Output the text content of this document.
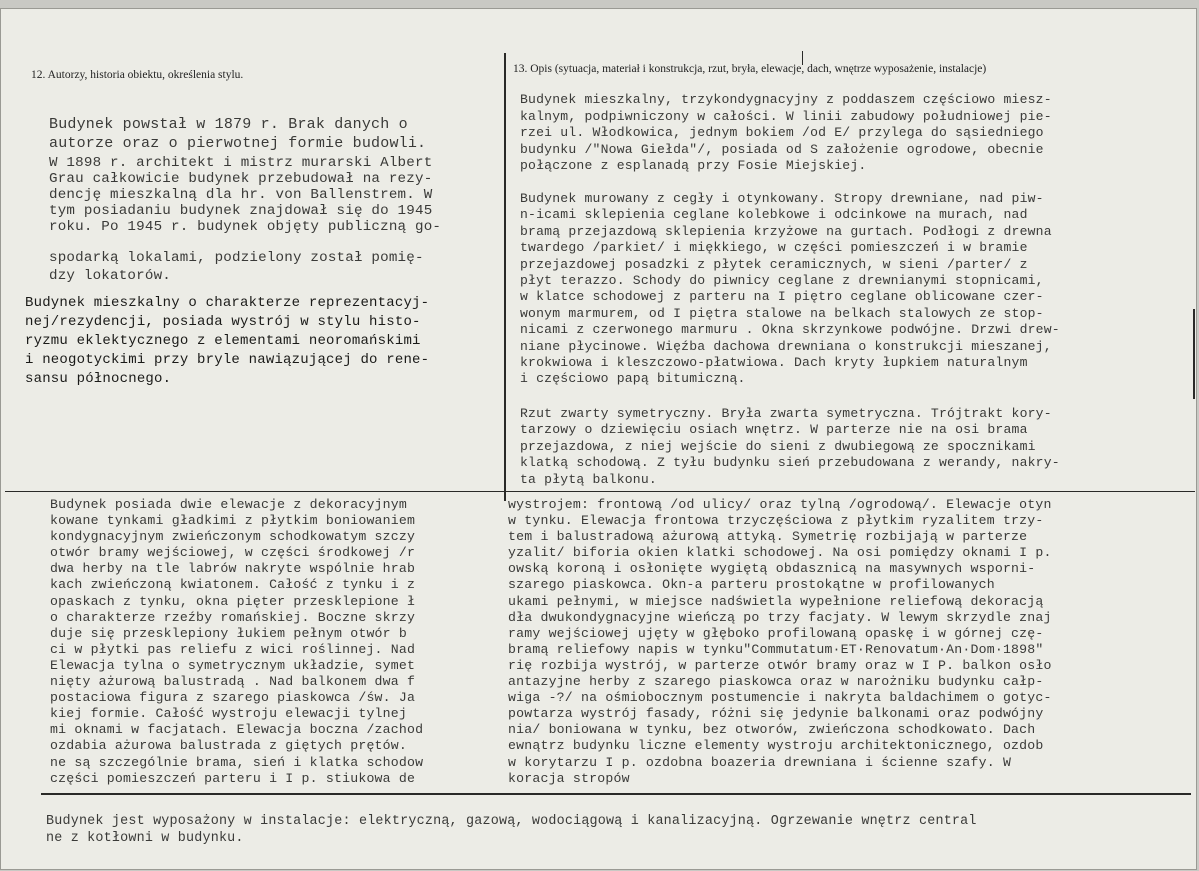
12. Autorzy, historia obiektu, określenia stylu.	13. Opis (sytuacja, materiał i konstrukcja, rzut, bryła, elewacje, dach, wnętrze wyposażenie, instalacje)
Budynek powstał w 1879 r. Brak danych o
autorze oraz o pierwotnej formie budowli.
W 1898 r. architekt i mistrz murarski Albert
Grau całkowicie budynek przebudował na rezy-
dencję mieszkalną dla hr. von Ballenstrem. W
tym posiadaniu budynek znajdował się do 1945
roku. Po 1945 r. budynek objęty publiczną go-
spodarką lokalami, podzielony został pomię-
dzy lokatorów.
Budynek mieszkalny o charakterze reprezentacyj-
nej/rezydencji, posiada wystrój w stylu histo-
ryzmu eklektycznego z elementami neoromańskimi
i neogotyckimi przy bryle nawiązującej do rene-
sansu północnego.
Budynek mieszkalny, trzykondygnacyjny z poddaszem częściowo miesz-
kalnym, podpiwniczony w całości. W linii zabudowy południowej pie-
rzei ul. Włodkowica, jednym bokiem /od E/ przylega do sąsiedniego
budynku /"Nowa Giełda"/, posiada od S założenie ogrodowe, obecnie
połączone z esplanadą przy Fosie Miejskiej.
Budynek murowany z cegły i otynkowany. Stropy drewniane, nad piw-
n-icami sklepienia ceglane kolebkowe i odcinkowe na murach, nad
bramą przejazdową sklepienia krzyżowe na gurtach. Podłogi z drewna
twardego /parkiet/ i miękkiego, w części pomieszczeń i w bramie
przejazdowej posadzki z płytek ceramicznych, w sieni /parter/ z
płyt terazzo. Schody do piwnicy ceglane z drewnianymi stopnicami,
w klatce schodowej z parteru na I piętro ceglane oblicowane czer-
wonym marmurem, od I piętra stalowe na belkach stalowych ze stop-
nicami z czerwonego marmuru . Okna skrzynkowe podwójne. Drzwi drew-
niane płycinowe. Więźba dachowa drewniana o konstrukcji mieszanej,
krokwiowa i kleszczowo-płatwiowa. Dach kryty łupkiem naturalnym
i częściowo papą bitumiczną.
Rzut zwarty symetryczny. Bryła zwarta symetryczna. Trójtrakt kory-
tarzowy o dziewięciu osiach wnętrz. W parterze nie na osi brama
przejazdowa, z niej wejście do sieni z dwubiegową ze spocznikami
klatką schodową. Z tyłu budynku sień przebudowana z werandy, nakry-
ta płytą balkonu.
Budynek posiada dwie elewacje z dekoracyjnym
kowane tynkami gładkimi z płytkim boniowaniem
kondygnacyjnym zwieńczonym schodkowatym szczy
otwór bramy wejściowej, w części środkowej /r
dwa herby na tle labrów nakryte wspólnie hrab
kach zwieńczoną kwiatonem. Całość z tynku i z
opaskach z tynku, okna pięter przesklepione ł
o charakterze rzeźby romańskiej. Boczne skrzy
duje się przesklepiony łukiem pełnym otwór b
ci w płytki pas reliefu z wici roślinnej. Nad
Elewacja tylna o symetrycznym układzie, symet
nięty ażurową balustradą . Nad balkonem dwa f
postaciowa figura z szarego piaskowca /św. Ja
kiej formie. Całość wystroju elewacji tylnej
mi oknami w facjatach. Elewacja boczna /zachod
ozdabia ażurowa balustrada z giętych prętów.
ne są szczególnie brama, sień i klatka schodow
części pomieszczeń parteru i I p. stiukowa de
wystrojem: frontową /od ulicy/ oraz tylną /ogrodową/. Elewacje otyn
w tynku. Elewacja frontowa trzyczęściowa z płytkim ryzalitem trzy-
tem i balustradową ażurową attyką. Symetrię rozbijają w parterze
yzalit/ biforia okien klatki schodowej. Na osi pomiędzy oknami I p.
owską koroną i osłonięte wygiętą obdasznicą na masywnych wsporni-
szarego piaskowca. Okn-a parteru prostokątne w profilowanych
ukami pełnymi, w miejsce nadświetla wypełnione reliefową dekoracją
dła dwukondygnacyjne wieńczą po trzy facjaty. W lewym skrzydle znaj
ramy wejściowej ujęty w głęboko profilowaną opaskę i w górnej czę-
bramą reliefowy napis w tynku"Commutatum·ET·Renovatum·An·Dom·1898"
rię rozbija wystrój, w parterze otwór bramy oraz w I P. balkon osło
antazyjne herby z szarego piaskowca oraz w narożniku budynku całp-
wiga -?/ na ośmiobocznym postumencie i nakryta baldachimem o gotyc-
powtarza wystrój fasady, różni się jedynie balkonami oraz podwójny
nia/ boniowana w tynku, bez otworów, zwieńczona schodkowato. Dach
ewnątrz budynku liczne elementy wystroju architektonicznego, ozdob
w korytarzu I p. ozdobna boazeria drewniana i ścienne szafy. W
koracja stropów
Budynek jest wyposażony w instalacje: elektryczną, gazową, wodociągową i kanalizacyjną. Ogrzewanie wnętrz central
ne z kotłowni w budynku.
